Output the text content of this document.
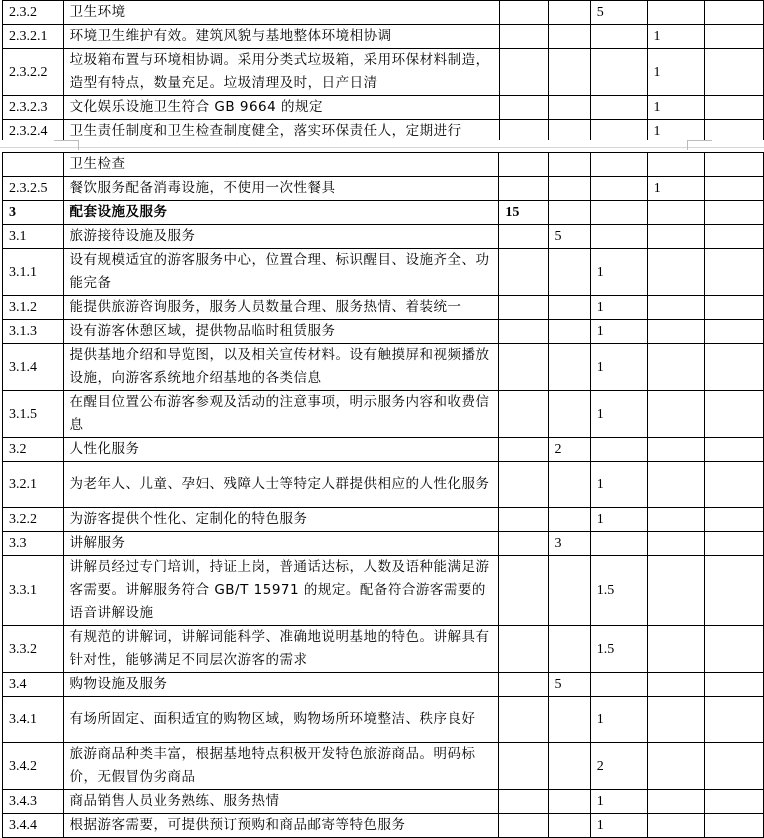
2.3.2	卫生环境			5		
2.3.2.1	环境卫生维护有效。建筑风貌与基地整体环境相协调				1	
2.3.2.2	垃圾箱布置与环境相协调。采用分类式垃圾箱，采用环保材料制造，造型有特点，数量充足。垃圾清理及时，日产日清				1	
2.3.2.3	文化娱乐设施卫生符合 GB 9664 的规定				1	
2.3.2.4	卫生责任制度和卫生检查制度健全，落实环保责任人，定期进行				1	
	卫生检查					
2.3.2.5	餐饮服务配备消毒设施，不使用一次性餐具				1	
3	配套设施及服务	15				
3.1	旅游接待设施及服务		5			
3.1.1	设有规模适宜的游客服务中心，位置合理、标识醒目、设施齐全、功能完备			1		
3.1.2	能提供旅游咨询服务，服务人员数量合理、服务热情、着装统一			1		
3.1.3	设有游客休憩区域，提供物品临时租赁服务			1		
3.1.4	提供基地介绍和导览图，以及相关宣传材料。设有触摸屏和视频播放设施，向游客系统地介绍基地的各类信息			1		
3.1.5	在醒目位置公布游客参观及活动的注意事项，明示服务内容和收费信息			1		
3.2	人性化服务		2			
3.2.1	为老年人、儿童、孕妇、残障人士等特定人群提供相应的人性化服务			1		
3.2.2	为游客提供个性化、定制化的特色服务			1		
3.3	讲解服务		3			
3.3.1	讲解员经过专门培训，持证上岗，普通话达标，人数及语种能满足游客需要。讲解服务符合 GB/T 15971 的规定。配备符合游客需要的语音讲解设施			1.5		
3.3.2	有规范的讲解词，讲解词能科学、准确地说明基地的特色。讲解具有针对性，能够满足不同层次游客的需求			1.5		
3.4	购物设施及服务		5			
3.4.1	有场所固定、面积适宜的购物区域，购物场所环境整洁、秩序良好			1		
3.4.2	旅游商品种类丰富，根据基地特点积极开发特色旅游商品。明码标价，无假冒伪劣商品			2		
3.4.3	商品销售人员业务熟练、服务热情			1		
3.4.4	根据游客需要，可提供预订预购和商品邮寄等特色服务			1		
